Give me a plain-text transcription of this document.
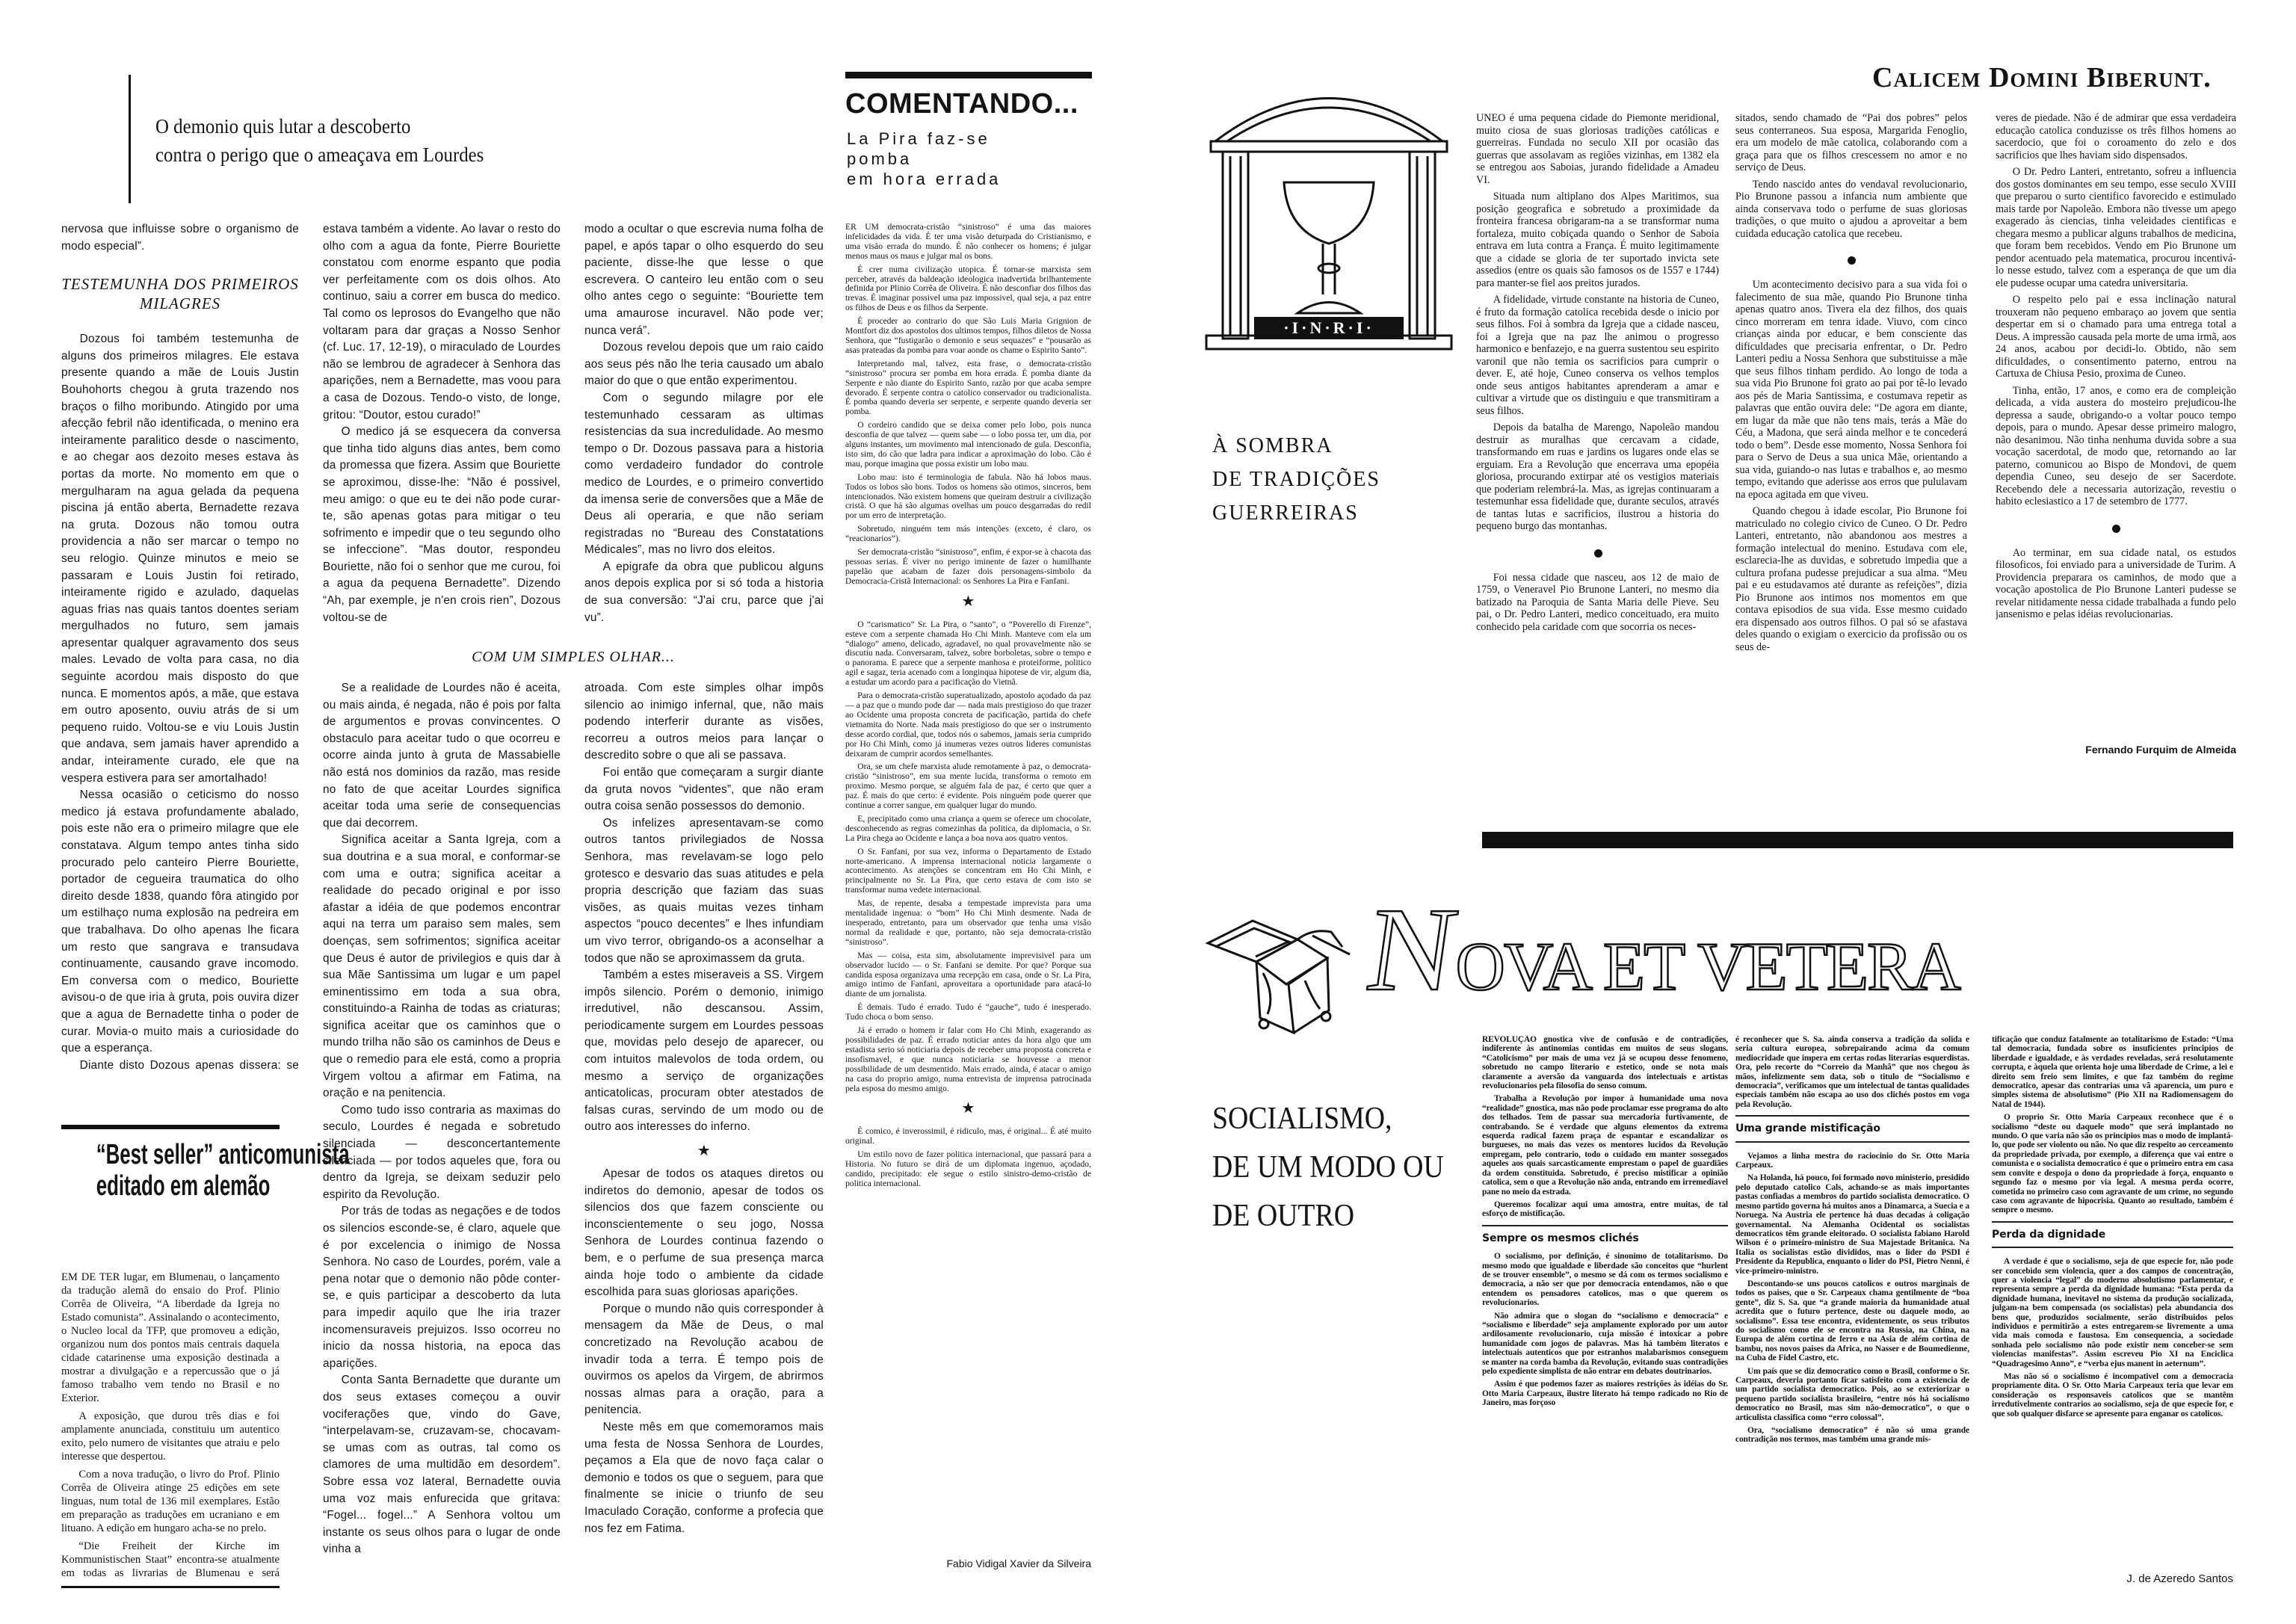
O demonio quis lutar a descoberto
contra o perigo que o ameaçava em Lourdes

nervosa que influisse sobre o organismo de modo especial”.

TESTEMUNHA DOS PRIMEIROS MILAGRES

Dozous foi também testemunha de alguns dos primeiros milagres. Ele estava presente quando a mãe de Louis Justin Bouhohorts chegou à gruta trazendo nos braços o filho moribundo. Atingido por uma afecção febril não identificada, o menino era inteiramente paralitico desde o nascimento, e ao chegar aos dezoito meses estava às portas da morte. No momento em que o mergulharam na agua gelada da pequena piscina já então aberta, Bernadette rezava na gruta. Dozous não tomou outra providencia a não ser marcar o tempo no seu relogio. Quinze minutos e meio se passaram e Louis Justin foi retirado, inteiramente rigido e azulado, daquelas aguas frias nas quais tantos doentes seriam mergulhados no futuro, sem jamais apresentar qualquer agravamento dos seus males. Levado de volta para casa, no dia seguinte acordou mais disposto do que nunca. E momentos após, a mãe, que estava em outro aposento, ouviu atrás de si um pequeno ruido. Voltou-se e viu Louis Justin que andava, sem jamais haver aprendido a andar, inteiramente curado, ele que na vespera estivera para ser amortalhado!

Nessa ocasião o ceticismo do nosso medico já estava profundamente abalado, pois este não era o primeiro milagre que ele constatava. Algum tempo antes tinha sido procurado pelo canteiro Pierre Bouriette, portador de cegueira traumatica do olho direito desde 1838, quando fôra atingido por um estilhaço numa explosão na pedreira em que trabalhava. Do olho apenas lhe ficara um resto que sangrava e transudava continuamente, causando grave incomodo. Em conversa com o medico, Bouriette avisou-o de que iria à gruta, pois ouvira dizer que a agua de Bernadette tinha o poder de curar. Movia-o muito mais a curiosidade do que a esperança.

Diante disto Dozous apenas dissera: se

estava também a vidente. Ao lavar o resto do olho com a agua da fonte, Pierre Bouriette constatou com enorme espanto que podia ver perfeitamente com os dois olhos. Ato continuo, saiu a correr em busca do medico. Tal como os leprosos do Evangelho que não voltaram para dar graças a Nosso Senhor (cf. Luc. 17, 12-19), o miraculado de Lourdes não se lembrou de agradecer à Senhora das aparições, nem a Bernadette, mas voou para a casa de Dozous. Tendo-o visto, de longe, gritou: “Doutor, estou curado!”

O medico já se esquecera da conversa que tinha tido alguns dias antes, bem como da promessa que fizera. Assim que Bouriette se aproximou, disse-lhe: “Não é possivel, meu amigo: o que eu te dei não pode curar-te, são apenas gotas para mitigar o teu sofrimento e impedir que o teu segundo olho se infeccione”. “Mas doutor, respondeu Bouriette, não foi o senhor que me curou, foi a agua da pequena Bernadette”. Dizendo “Ah, par exemple, je n'en crois rien”, Dozous voltou-se de

modo a ocultar o que escrevia numa folha de papel, e após tapar o olho esquerdo do seu paciente, disse-lhe que lesse o que escrevera. O canteiro leu então com o seu olho antes cego o seguinte: “Bouriette tem uma amaurose incuravel. Não pode ver; nunca verá”.

Dozous revelou depois que um raio caido aos seus pés não lhe teria causado um abalo maior do que o que então experimentou.

Com o segundo milagre por ele testemunhado cessaram as ultimas resistencias da sua incredulidade. Ao mesmo tempo o Dr. Dozous passava para a historia como verdadeiro fundador do controle medico de Lourdes, e o primeiro convertido da imensa serie de conversões que a Mãe de Deus ali operaria, e que não seriam registradas no “Bureau des Constatations Médicales”, mas no livro dos eleitos.

A epigrafe da obra que publicou alguns anos depois explica por si só toda a historia de sua conversão: “J'ai cru, parce que j'ai vu”.

COM UM SIMPLES OLHAR...

Se a realidade de Lourdes não é aceita, ou mais ainda, é negada, não é pois por falta de argumentos e provas convincentes. O obstaculo para aceitar tudo o que ocorreu e ocorre ainda junto à gruta de Massabielle não está nos dominios da razão, mas reside no fato de que aceitar Lourdes significa aceitar toda uma serie de consequencias que dai decorrem.

Significa aceitar a Santa Igreja, com a sua doutrina e a sua moral, e conformar-se com uma e outra; significa aceitar a realidade do pecado original e por isso afastar a idéia de que podemos encontrar aqui na terra um paraiso sem males, sem doenças, sem sofrimentos; significa aceitar que Deus é autor de privilegios e quis dar à sua Mãe Santissima um lugar e um papel eminentissimo em toda a sua obra, constituindo-a Rainha de todas as criaturas; significa aceitar que os caminhos que o mundo trilha não são os caminhos de Deus e que o remedio para ele está, como a propria Virgem voltou a afirmar em Fatima, na oração e na penitencia.

Como tudo isso contraria as maximas do seculo, Lourdes é negada e sobretudo silenciada — desconcertantemente silenciada — por todos aqueles que, fora ou dentro da Igreja, se deixam seduzir pelo espirito da Revolução.

Por trás de todas as negações e de todos os silencios esconde-se, é claro, aquele que é por excelencia o inimigo de Nossa Senhora. No caso de Lourdes, porém, vale a pena notar que o demonio não pôde conter-se, e quis participar a descoberto da luta para impedir aquilo que lhe iria trazer incomensuraveis prejuizos. Isso ocorreu no inicio da nossa historia, na epoca das aparições.

Conta Santa Bernadette que durante um dos seus extases começou a ouvir vociferações que, vindo do Gave, “interpelavam-se, cruzavam-se, chocavam-se umas com as outras, tal como os clamores de uma multidão em desordem”. Sobre essa voz lateral, Bernadette ouvia uma voz mais enfurecida que gritava: “Fogel... fogel...” A Senhora voltou um instante os seus olhos para o lugar de onde vinha a

atroada. Com este simples olhar impôs silencio ao inimigo infernal, que, não mais podendo interferir durante as visões, recorreu a outros meios para lançar o descredito sobre o que ali se passava.

Foi então que começaram a surgir diante da gruta novos “videntes”, que não eram outra coisa senão possessos do demonio.

Os infelizes apresentavam-se como outros tantos privilegiados de Nossa Senhora, mas revelavam-se logo pelo grotesco e desvario das suas atitudes e pela propria descrição que faziam das suas visões, as quais muitas vezes tinham aspectos “pouco decentes” e lhes infundiam um vivo terror, obrigando-os a aconselhar a todos que não se aproximassem da gruta.

Também a estes miseraveis a SS. Virgem impôs silencio. Porém o demonio, inimigo irredutivel, não descansou. Assim, periodicamente surgem em Lourdes pessoas que, movidas pelo desejo de aparecer, ou com intuitos malevolos de toda ordem, ou mesmo a serviço de organizações anticatolicas, procuram obter atestados de falsas curas, servindo de um modo ou de outro aos interesses do inferno.

★

Apesar de todos os ataques diretos ou indiretos do demonio, apesar de todos os silencios dos que fazem consciente ou inconscientemente o seu jogo, Nossa Senhora de Lourdes continua fazendo o bem, e o perfume de sua presença marca ainda hoje todo o ambiente da cidade escolhida para suas gloriosas aparições.

Porque o mundo não quis corresponder à mensagem da Mãe de Deus, o mal concretizado na Revolução acabou de invadir toda a terra. É tempo pois de ouvirmos os apelos da Virgem, de abrirmos nossas almas para a oração, para a penitencia.

Neste mês em que comemoramos mais uma festa de Nossa Senhora de Lourdes, peçamos a Ela que de novo faça calar o demonio e todos os que o seguem, para que finalmente se inicie o triunfo de seu Imaculado Coração, conforme a profecia que nos fez em Fatima.

“Best seller” anticomunista
editado em alemão

EM DE TER lugar, em Blumenau, o lançamento da tradução alemã do ensaio do Prof. Plinio Corrêa de Oliveira, “A liberdade da Igreja no Estado comunista”. Assinalando o acontecimento, o Nucleo local da TFP, que promoveu a edição, organizou num dos pontos mais centrais daquela cidade catarinense uma exposição destinada a mostrar a divulgação e a repercussão que o já famoso trabalho vem tendo no Brasil e no Exterior.

A exposição, que durou três dias e foi amplamente anunciada, constituiu um autentico exito, pelo numero de visitantes que atraiu e pelo interesse que despertou.

Com a nova tradução, o livro do Prof. Plinio Corrêa de Oliveira atinge 25 edições em sete linguas, num total de 136 mil exemplares. Estão em preparação as traduções em ucraniano e em lituano. A edição em hungaro acha-se no prelo.

“Die Freiheit der Kirche im Kommunistischen Staat” encontra-se atualmente em todas as livrarias de Blumenau e será

COMENTANDO...
La Pira faz-se
pomba
em hora errada

ER UM democrata-cristão “sinistroso” é uma das maiores infelicidades da vida. É ter uma visão deturpada do Cristianismo, e uma visão errada do mundo. É não conhecer os homens; é julgar menos maus os maus e julgar mal os bons.

É crer numa civilização utopica. É tornar-se marxista sem perceber, através da baldeação ideologica inadvertida brilhantemente definida por Plinio Corrêa de Oliveira. É não desconfiar dos filhos das trevas. É imaginar possivel uma paz impossivel, qual seja, a paz entre os filhos de Deus e os filhos da Serpente.

É proceder ao contrario do que São Luis Maria Grignion de Montfort diz dos apostolos dos ultimos tempos, filhos diletos de Nossa Senhora, que “fustigarão o demonio e seus sequazes” e “pousarão as asas prateadas da pomba para voar aonde os chame o Espirito Santo”.

Interpretando mal, talvez, esta frase, o democrata-cristão “sinistroso” procura ser pomba em hora errada. É pomba diante da Serpente e não diante do Espirito Santo, razão por que acaba sempre devorado. É serpente contra o catolico conservador ou tradicionalista. É pomba quando deveria ser serpente, e serpente quando deveria ser pomba.

O cordeiro candido que se deixa comer pelo lobo, pois nunca desconfia de que talvez — quem sabe — o lobo possa ter, um dia, por alguns instantes, um movimento mal intencionado de gula. Desconfia, isto sim, do cão que ladra para indicar a aproximação do lobo. Cão é mau, porque imagina que possa existir um lobo mau.

Lobo mau: isto é terminologia de fabula. Não há lobos maus. Todos os lobos são bons. Todos os homens são otimos, sinceros, bem intencionados. Não existem homens que queiram destruir a civilização cristã. O que há são algumas ovelhas um pouco desgarradas do redil por um erro de interpretação.

Sobretudo, ninguém tem más intenções (exceto, é claro, os “reacionarios”).

Ser democrata-cristão “sinistroso”, enfim, é expor-se à chacota das pessoas serias. É viver no perigo iminente de fazer o humilhante papelão que acabam de fazer dois personagens-simbolo da Democracia-Cristã Internacional: os Senhores La Pira e Fanfani.

★

O “carismatico” Sr. La Pira, o “santo”, o “Poverello di Firenze”, esteve com a serpente chamada Ho Chi Minh. Manteve com ela um “dialogo” ameno, delicado, agradavel, no qual provavelmente não se discutiu nada. Conversaram, talvez, sobre borboletas, sobre o tempo e o panorama. E parece que a serpente manhosa e proteiforme, politico agil e sagaz, teria acenado com a longinqua hipotese de vir, algum dia, a estudar um acordo para a pacificação do Vietnã.

Para o democrata-cristão superatualizado, apostolo açodado da paz — a paz que o mundo pode dar — nada mais prestigioso do que trazer ao Ocidente uma proposta concreta de pacificação, partida do chefe vietnamita do Norte. Nada mais prestigioso do que ser o instrumento desse acordo cordial, que, todos nós o sabemos, jamais seria cumprido por Ho Chi Minh, como já inumeras vezes outros lideres comunistas deixaram de cumprir acordos semelhantes.

Ora, se um chefe marxista alude remotamente à paz, o democrata-cristão “sinistroso”, em sua mente lucida, transforma o remoto em proximo. Mesmo porque, se alguém fala de paz, é certo que quer a paz. É mais do que certo: é evidente. Pois ninguém pode querer que continue a correr sangue, em qualquer lugar do mundo.

E, precipitado como uma criança a quem se oferece um chocolate, desconhecendo as regras comezinhas da politica, da diplomacia, o Sr. La Pira chega ao Ocidente e lança a boa nova aos quatro ventos.

O Sr. Fanfani, por sua vez, informa o Departamento de Estado norte-americano. A imprensa internacional noticia largamente o acontecimento. As atenções se concentram em Ho Chi Minh, e principalmente no Sr. La Pira, que certo estava de com isto se transformar numa vedete internacional.

Mas, de repente, desaba a tempestade imprevista para uma mentalidade ingenua: o “bom” Ho Chi Minh desmente. Nada de inesperado, entretanto, para um observador que tenha uma visão normal da realidade e que, portanto, não seja democrata-cristão “sinistroso”.

Mas — coisa, esta sim, absolutamente imprevisivel para um observador lucido — o Sr. Fanfani se demite. Por que? Porque sua candida esposa organizava uma recepção em casa, onde o Sr. La Pira, amigo intimo de Fanfani, aproveitara a oportunidade para atacá-lo diante de um jornalista.

É demais. Tudo é errado. Tudo é “gauche”, tudo é inesperado. Tudo choca o bom senso.

Já é errado o homem ir falar com Ho Chi Minh, exagerando as possibilidades de paz. É errado noticiar antes da hora algo que um estadista serio só noticiaria depois de receber uma proposta concreta e insofismavel, e que nunca noticiaria se houvesse a menor possibilidade de um desmentido. Mais errado, ainda, é atacar o amigo na casa do proprio amigo, numa entrevista de imprensa patrocinada pela esposa do mesmo amigo.

★

É comico, é inverossimil, é ridiculo, mas, é original... É até muito original.

Um estilo novo de fazer politica internacional, que passará para a Historia. No futuro se dirá de um diplomata ingenuo, açodado, candido, precipitado: ele segue o estilo sinistro-demo-cristão de politica internacional.

Fabio Vidigal Xavier da Silveira
·I·N·R·I·
À SOMBRA
DE TRADIÇÕES
GUERREIRAS
Calicem Domini Biberunt.

UNEO é uma pequena cidade do Piemonte meridional, muito ciosa de suas gloriosas tradições católicas e guerreiras. Fundada no seculo XII por ocasião das guerras que assolavam as regiões vizinhas, em 1382 ela se entregou aos Saboias, jurando fidelidade a Amadeu VI.

Situada num altiplano dos Alpes Maritimos, sua posição geografica e sobretudo a proximidade da fronteira francesa obrigaram-na a se transformar numa fortaleza, muito cobiçada quando o Senhor de Saboia entrava em luta contra a França. É muito legitimamente que a cidade se gloria de ter suportado invicta sete assedios (entre os quais são famosos os de 1557 e 1744) para manter-se fiel aos preitos jurados.

A fidelidade, virtude constante na historia de Cuneo, é fruto da formação catolica recebida desde o inicio por seus filhos. Foi à sombra da Igreja que a cidade nasceu, foi a Igreja que na paz lhe animou o progresso harmonico e benfazejo, e na guerra sustentou seu espirito varonil que não temia os sacrificios para cumprir o dever. E, até hoje, Cuneo conserva os velhos templos onde seus antigos habitantes aprenderam a amar e cultivar a virtude que os distinguiu e que transmitiram a seus filhos.

Depois da batalha de Marengo, Napoleão mandou destruir as muralhas que cercavam a cidade, transformando em ruas e jardins os lugares onde elas se erguiam. Era a Revolução que encerrava uma epopéia gloriosa, procurando extirpar até os vestigios materiais que poderiam relembrá-la. Mas, as igrejas continuaram a testemunhar essa fidelidade que, durante seculos, através de tantas lutas e sacrificios, ilustrou a historia do pequeno burgo das montanhas.

Foi nessa cidade que nasceu, aos 12 de maio de 1759, o Veneravel Pio Brunone Lanteri, no mesmo dia batizado na Paroquia de Santa Maria delle Pieve. Seu pai, o Dr. Pedro Lanteri, medico conceituado, era muito conhecido pela caridade com que socorria os neces-

sitados, sendo chamado de “Pai dos pobres” pelos seus conterraneos. Sua esposa, Margarida Fenoglio, era um modelo de mãe catolica, colaborando com a graça para que os filhos crescessem no amor e no serviço de Deus.

Tendo nascido antes do vendaval revolucionario, Pio Brunone passou a infancia num ambiente que ainda conservava todo o perfume de suas gloriosas tradições, o que muito o ajudou a aproveitar a bem cuidada educação catolica que recebeu.

Um acontecimento decisivo para a sua vida foi o falecimento de sua mãe, quando Pio Brunone tinha apenas quatro anos. Tivera ela dez filhos, dos quais cinco morreram em tenra idade. Viuvo, com cinco crianças ainda por educar, e bem consciente das dificuldades que precisaria enfrentar, o Dr. Pedro Lanteri pediu a Nossa Senhora que substituisse a mãe que seus filhos tinham perdido. Ao longo de toda a sua vida Pio Brunone foi grato ao pai por tê-lo levado aos pés de Maria Santissima, e costumava repetir as palavras que então ouvira dele: “De agora em diante, em lugar da mãe que não tens mais, terás a Mãe do Céu, a Madona, que será ainda melhor e te concederá todo o bem”. Desde esse momento, Nossa Senhora foi para o Servo de Deus a sua unica Mãe, orientando a sua vida, guiando-o nas lutas e trabalhos e, ao mesmo tempo, evitando que aderisse aos erros que pululavam na epoca agitada em que viveu.

Quando chegou à idade escolar, Pio Brunone foi matriculado no colegio civico de Cuneo. O Dr. Pedro Lanteri, entretanto, não abandonou aos mestres a formação intelectual do menino. Estudava com ele, esclarecia-lhe as duvidas, e sobretudo impedia que a cultura profana pudesse prejudicar a sua alma. “Meu pai e eu estudavamos até durante as refeições”, dizia Pio Brunone aos intimos nos momentos em que contava episodios de sua vida. Esse mesmo cuidado era dispensado aos outros filhos. O pai só se afastava deles quando o exigiam o exercicio da profissão ou os seus de-

veres de piedade. Não é de admirar que essa verdadeira educação catolica conduzisse os três filhos homens ao sacerdocio, que foi o coroamento do zelo e dos sacrificios que lhes haviam sido dispensados.

O Dr. Pedro Lanteri, entretanto, sofreu a influencia dos gostos dominantes em seu tempo, esse seculo XVIII que preparou o surto cientifico favorecido e estimulado mais tarde por Napoleão. Embora não tivesse um apego exagerado às ciencias, tinha veleidades cientificas e chegara mesmo a publicar alguns trabalhos de medicina, que foram bem recebidos. Vendo em Pio Brunone um pendor acentuado pela matematica, procurou incentivá-lo nesse estudo, talvez com a esperança de que um dia ele pudesse ocupar uma catedra universitaria.

O respeito pelo pai e essa inclinação natural trouxeram não pequeno embaraço ao jovem que sentia despertar em si o chamado para uma entrega total a Deus. A impressão causada pela morte de uma irmã, aos 24 anos, acabou por decidi-lo. Obtido, não sem dificuldades, o consentimento paterno, entrou na Cartuxa de Chiusa Pesio, proxima de Cuneo.

Tinha, então, 17 anos, e como era de compleição delicada, a vida austera do mosteiro prejudicou-lhe depressa a saude, obrigando-o a voltar pouco tempo depois, para o mundo. Apesar desse primeiro malogro, não desanimou. Não tinha nenhuma duvida sobre a sua vocação sacerdotal, de modo que, retornando ao lar paterno, comunicou ao Bispo de Mondovi, de quem dependia Cuneo, seu desejo de ser Sacerdote. Recebendo dele a necessaria autorização, revestiu o habito eclesiastico a 17 de setembro de 1777.

Ao terminar, em sua cidade natal, os estudos filosoficos, foi enviado para a universidade de Turim. A Providencia preparara os caminhos, de modo que a vocação apostolica de Pio Brunone Lanteri pudesse se revelar nitidamente nessa cidade trabalhada a fundo pelo jansenismo e pelas idéias revolucionarias.

Fernando Furquim de Almeida
NOVA ET VETERA
SOCIALISMO,
DE UM MODO OU
DE OUTRO

REVOLUÇÃO gnostica vive de confusão e de contradições, indiferente às antinomias contidas em muitos de seus slogans. “Catolicismo” por mais de uma vez já se ocupou desse fenomeno, sobretudo no campo literario e estetico, onde se nota mais claramente a aversão da vanguarda dos intelectuais e artistas revolucionarios pela filosofia do senso comum.

Trabalha a Revolução por impor à humanidade uma nova “realidade” gnostica, mas não pode proclamar esse programa do alto dos telhados. Tem de passar sua mercadoria furtivamente, de contrabando. Se é verdade que alguns elementos da extrema esquerda radical fazem praça de espantar e escandalizar os burgueses, no mais das vezes os mentores lucidos da Revolução empregam, pelo contrario, todo o cuidado em manter sossegados aqueles aos quais sarcasticamente emprestam o papel de guardiães da ordem constituida. Sobretudo, é preciso mistificar a opinião catolica, sem o que a Revolução não anda, entrando em irremediavel pane no meio da estrada.

Queremos focalizar aqui uma amostra, entre muitas, de tal esforço de mistificação.

Sempre os mesmos clichés

O socialismo, por definição, é sinonimo de totalitarismo. Do mesmo modo que igualdade e liberdade são conceitos que “hurlent de se trouver ensemble”, o mesmo se dá com os termos socialismo e democracia, a não ser que por democracia entendamos, não o que entendem os pensadores catolicos, mas o que querem os revolucionarios.

Não admira que o slogan do “socialismo e democracia” e “socialismo e liberdade” seja amplamente explorado por um autor ardilosamente revolucionario, cuja missão é intoxicar a pobre humanidade com jogos de palavras. Mas há também literatos e intelectuais autenticos que por estranhos malabarismos conseguem se manter na corda bamba da Revolução, evitando suas contradições pelo expediente simplista de não entrar em debates doutrinarios.

Assim é que podemos fazer as maiores restrições às idéias do Sr. Otto Maria Carpeaux, ilustre literato há tempo radicado no Rio de Janeiro, mas forçoso

é reconhecer que S. Sa. ainda conserva a tradição da solida e seria cultura europea, sobrepairando acima da comum mediocridade que impera em certas rodas literarias esquerdistas. Ora, pelo recorte do “Correio da Manhã” que nos chegou às mãos, infelizmente sem data, sob o titulo de “Socialismo e democracia”, verificamos que um intelectual de tantas qualidades especiais também não escapa ao uso dos clichés postos em voga pela Revolução.

Uma grande mistificação

Vejamos a linha mestra do raciocinio do Sr. Otto Maria Carpeaux.

Na Holanda, há pouco, foi formado novo ministerio, presidido pelo deputado catolico Cals, achando-se as mais importantes pastas confiadas a membros do partido socialista democratico. O mesmo partido governa há muitos anos a Dinamarca, a Suecia e a Noruega. Na Austria ele pertence há duas decadas à coligação governamental. Na Alemanha Ocidental os socialistas democraticos têm grande eleitorado. O socialista fabiano Harold Wilson é o primeiro-ministro de Sua Majestade Britanica. Na Italia os socialistas estão divididos, mas o lider do PSDI é Presidente da Republica, enquanto o lider do PSI, Pietro Nenni, é vice-primeiro-ministro.

Descontando-se uns poucos catolicos e outros marginais de todos os paises, que o Sr. Carpeaux chama gentilmente de “boa gente”, diz S. Sa. que “a grande maioria da humanidade atual acredita que o futuro pertence, deste ou daquele modo, ao socialismo”. Essa tese encontra, evidentemente, os seus tributos do socialismo como ele se encontra na Russia, na China, na Europa de além cortina de ferro e na Asia de além cortina de bambu, nos novos paises da Africa, no Nasser e de Boumedienne, na Cuba de Fidel Castro, etc.

Um país que se diz democratico como o Brasil, conforme o Sr. Carpeaux, deveria portanto ficar satisfeito com a existencia de um partido socialista democratico. Pois, ao se exteriorizar o pequeno partido socialista brasileiro, “entre nós há socialismo democratico no Brasil, mas sim não-democratico”, o que o articulista classifica como “erro colossal”.

Ora, “socialismo democratico” é não só uma grande contradição nos termos, mas também uma grande mis-

tificação que conduz fatalmente ao totalitarismo de Estado: “Uma tal democracia, fundada sobre os insuficientes principios de liberdade e igualdade, e às verdades reveladas, será resolutamente corrupta, e àquela que orienta hoje uma liberdade de Crime, a lei e direito sem freio sem limites, e que faz também do regime democratico, apesar das contrarias uma vã aparencia, um puro e simples sistema de absolutismo” (Pio XII na Radiomensagem do Natal de 1944).

O proprio Sr. Otto Maria Carpeaux reconhece que é o socialismo “deste ou daquele modo” que será implantado no mundo. O que varia não são os principios mas o modo de implantá-lo, que pode ser violento ou não. No que diz respeito ao cerceamento da propriedade privada, por exemplo, a diferença que vai entre o comunista e o socialista democratico é que o primeiro entra em casa sem convite e despoja o dono da propriedade à força, enquanto o segundo faz o mesmo por via legal. A mesma perda ocorre, cometida no primeiro caso com agravante de um crime, no segundo caso com agravante de hipocrisia. Quanto ao resultado, também é sempre o mesmo.

Perda da dignidade

A verdade é que o socialismo, seja de que especie for, não pode ser concebido sem violencia, quer a dos campos de concentração, quer a violencia “legal” do moderno absolutismo parlamentar, e representa sempre a perda da dignidade humana: “Esta perda da dignidade humana, inevitavel no sistema da produção socializada, julgam-na bem compensada (os socialistas) pela abundancia dos bens que, produzidos socialmente, serão distribuidos pelos individuos e permitirão a estes entregarem-se livremente a uma vida mais comoda e faustosa. Em consequencia, a sociedade sonhada pelo socialismo não pode existir nem conceber-se sem violencias manifestas”. Assim escreveu Pio XI na Enciclica “Quadragesimo Anno”, e “verba ejus manent in aeternum”.

Mas não só o socialismo é incompativel com a democracia propriamente dita. O Sr. Otto Maria Carpeaux teria que levar em consideração os responsaveis catolicos que se mantêm irredutivelmente contrarios ao socialismo, seja de que especie for, e que sob qualquer disfarce se apresente para enganar os catolicos.

J. de Azeredo Santos
